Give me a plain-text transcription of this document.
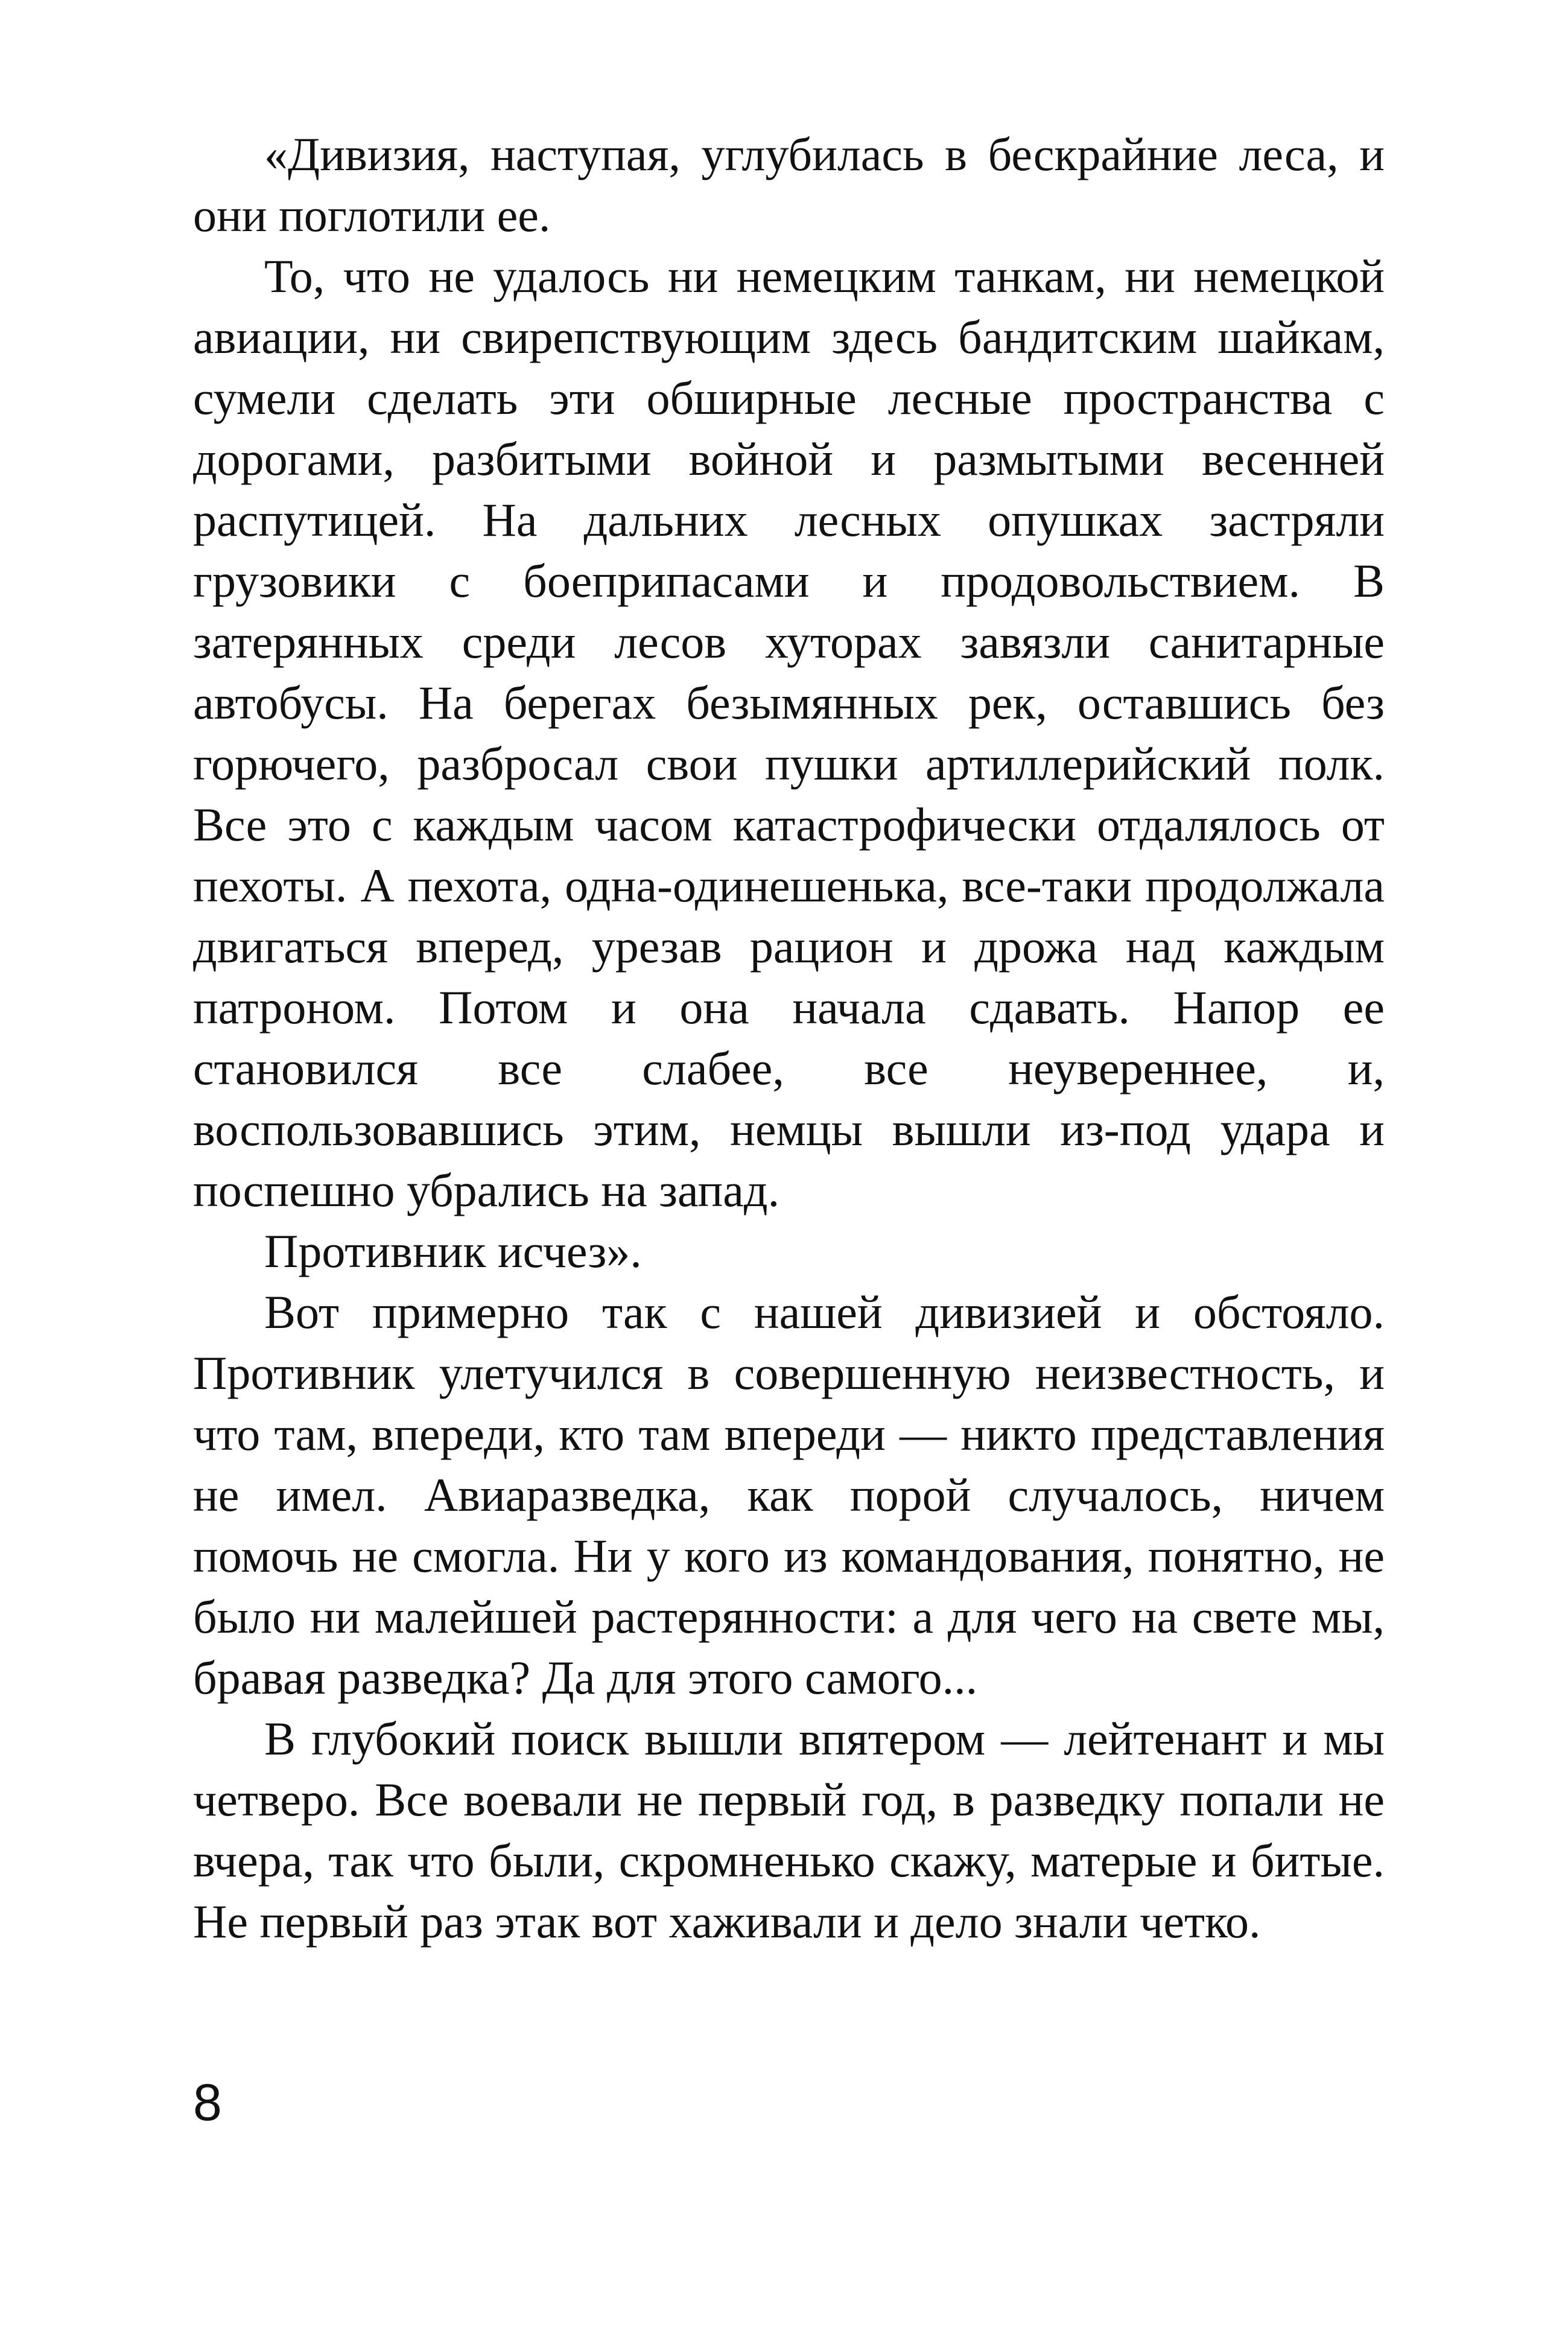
«Дивизия, наступая, углубилась в бескрайние леса, и они поглотили ее.

То, что не удалось ни немецким танкам, ни немецкой авиации, ни свирепствующим здесь бандитским шайкам, сумели сделать эти обширные лесные пространства с дорогами, разбитыми войной и размытыми весенней распутицей. На дальних лесных опушках застряли грузовики с боеприпасами и продовольствием. В затерянных среди лесов хуторах завязли санитарные автобусы. На берегах безымянных рек, оставшись без горючего, разбросал свои пушки артиллерийский полк. Все это с каждым часом катастрофически отдалялось от пехоты. А пехота, одна-одинешенька, все-таки продолжала двигаться вперед, урезав рацион и дрожа над каждым патроном. Потом и она начала сдавать. Напор ее становился все слабее, все неувереннее, и, воспользовавшись этим, немцы вышли из-под удара и поспешно убрались на запад.

Противник исчез».

Вот примерно так с нашей дивизией и обстояло. Противник улетучился в совершенную неизвестность, и что там, впереди, кто там впереди — никто представления не имел. Авиаразведка, как порой случалось, ничем помочь не смогла. Ни у кого из командования, понятно, не было ни малейшей растерянности: а для чего на свете мы, бравая разведка? Да для этого самого...

В глубокий поиск вышли впятером — лейтенант и мы четверо. Все воевали не первый год, в разведку попали не вчера, так что были, скромненько скажу, матерые и битые. Не первый раз этак вот хаживали и дело знали четко.

8
